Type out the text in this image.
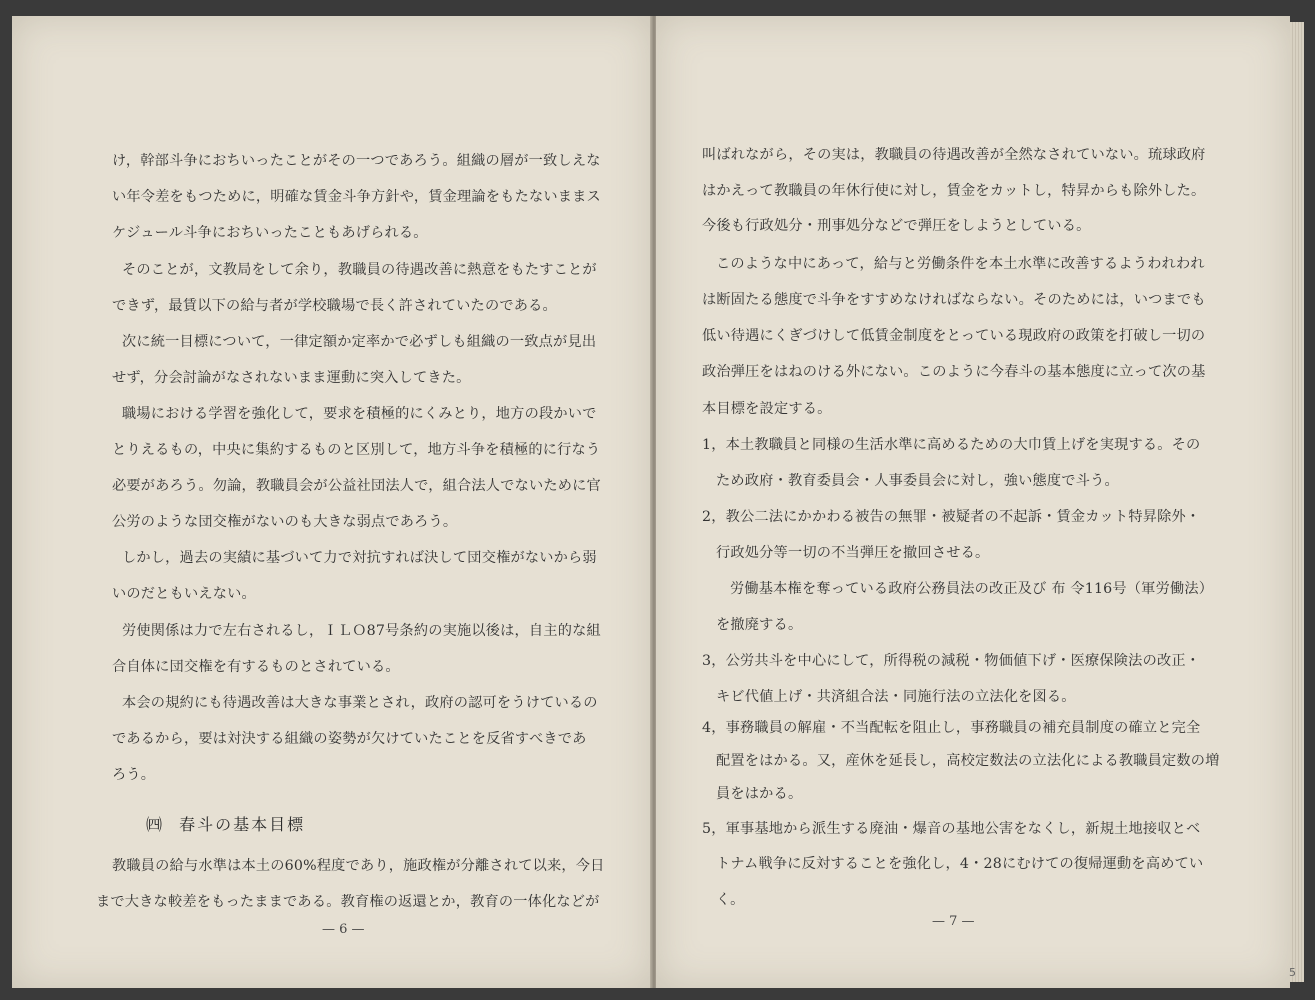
け，幹部斗争におちいったことがその一つであろう。組織の層が一致しえな

い年令差をもつために，明確な賃金斗争方針や，賃金理論をもたないままス

ケジュール斗争におちいったこともあげられる。

そのことが，文教局をして余り，教職員の待遇改善に熱意をもたすことが

できず，最賃以下の給与者が学校職場で長く許されていたのである。

次に統一目標について，一律定額か定率かで必ずしも組織の一致点が見出

せず，分会討論がなされないまま運動に突入してきた。

職場における学習を強化して，要求を積極的にくみとり，地方の段かいで

とりえるもの，中央に集約するものと区別して，地方斗争を積極的に行なう

必要があろう。勿論，教職員会が公益社団法人で，組合法人でないために官

公労のような団交権がないのも大きな弱点であろう。

しかし，過去の実績に基づいて力で対抗すれば決して団交権がないから弱

いのだともいえない。

労使関係は力で左右されるし，ＩＬＯ87号条約の実施以後は，自主的な組

合自体に団交権を有するものとされている。

本会の規約にも待遇改善は大きな事業とされ，政府の認可をうけているの

であるから，要は対決する組織の姿勢が欠けていたことを反省すべきであ

ろう。

㈣ 春斗の基本目標

教職員の給与水準は本土の60%程度であり，施政権が分離されて以来，今日

まで大きな較差をもったままである。教育権の返還とか，教育の一体化などが

— 6 —

叫ばれながら，その実は，教職員の待遇改善が全然なされていない。琉球政府

はかえって教職員の年休行使に対し，賃金をカットし，特昇からも除外した。

今後も行政処分・刑事処分などで弾圧をしようとしている。

このような中にあって，給与と労働条件を本土水準に改善するようわれわれ

は断固たる態度で斗争をすすめなければならない。そのためには，いつまでも

低い待遇にくぎづけして低賃金制度をとっている現政府の政策を打破し一切の

政治弾圧をはねのける外にない。このように今春斗の基本態度に立って次の基

本目標を設定する。

1，本土教職員と同様の生活水準に高めるための大巾賃上げを実現する。その

ため政府・教育委員会・人事委員会に対し，強い態度で斗う。

2，教公二法にかかわる被告の無罪・被疑者の不起訴・賃金カット特昇除外・

行政処分等一切の不当弾圧を撤回させる。

労働基本権を奪っている政府公務員法の改正及び 布 令116号（軍労働法）

を撤廃する。

3，公労共斗を中心にして，所得税の減税・物価値下げ・医療保険法の改正・

キビ代値上げ・共済組合法・同施行法の立法化を図る。

4，事務職員の解雇・不当配転を阻止し，事務職員の補充員制度の確立と完全

配置をはかる。又，産休を延長し，高校定数法の立法化による教職員定数の増

員をはかる。

5，軍事基地から派生する廃油・爆音の基地公害をなくし，新規土地接収とベ

トナム戦争に反対することを強化し，4・28にむけての復帰運動を高めてい

く。

— 7 —

5
